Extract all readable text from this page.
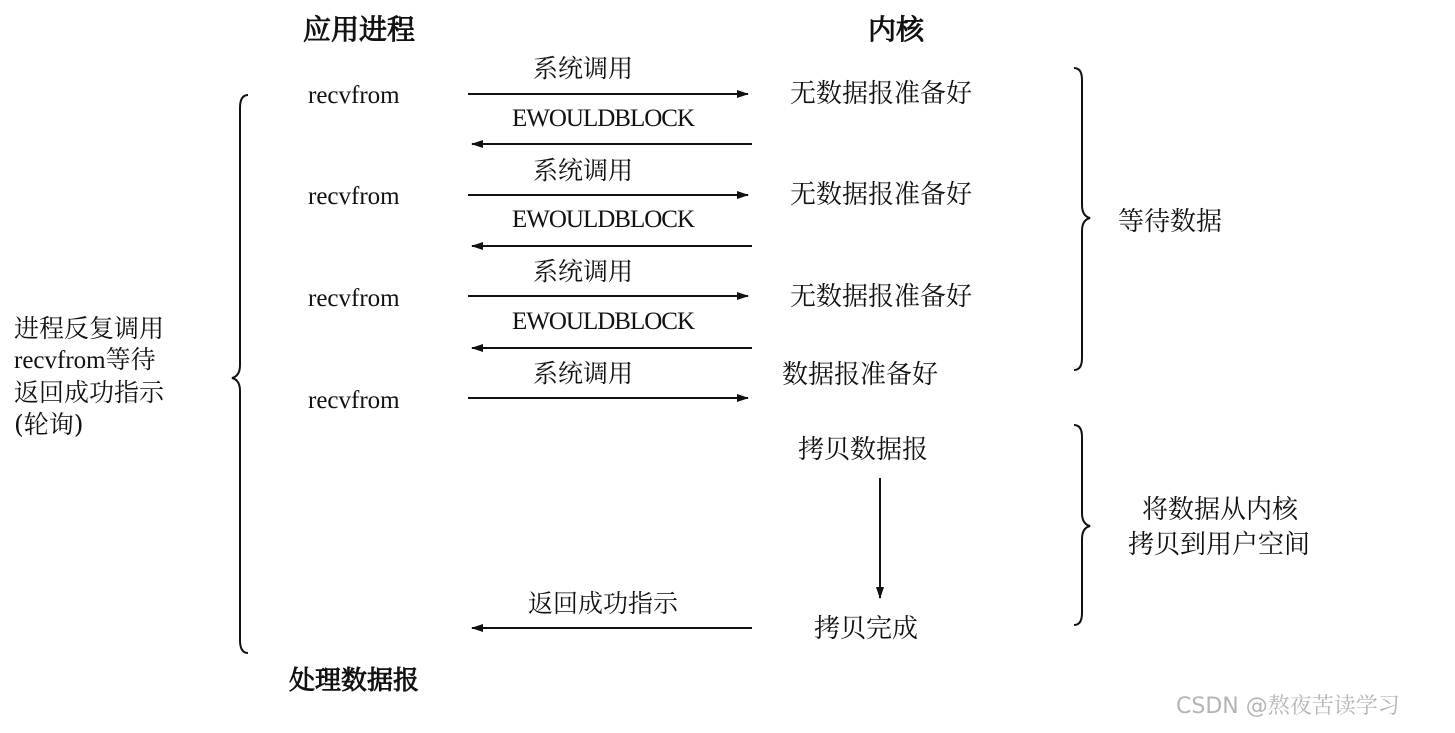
应用进程	内核
recvfrom
系统调用
EWOULDBLOCK
无数据报准备好
recvfrom
系统调用
EWOULDBLOCK
无数据报准备好
recvfrom
系统调用
EWOULDBLOCK
无数据报准备好
recvfrom
系统调用	数据报准备好
拷贝数据报
拷贝完成
返回成功指示
等待数据
将数据从内核
拷贝到用户空间
进程反复调用
recvfrom等待
返回成功指示
(轮询)
处理数据报
CSDN @熬夜苦读学习
